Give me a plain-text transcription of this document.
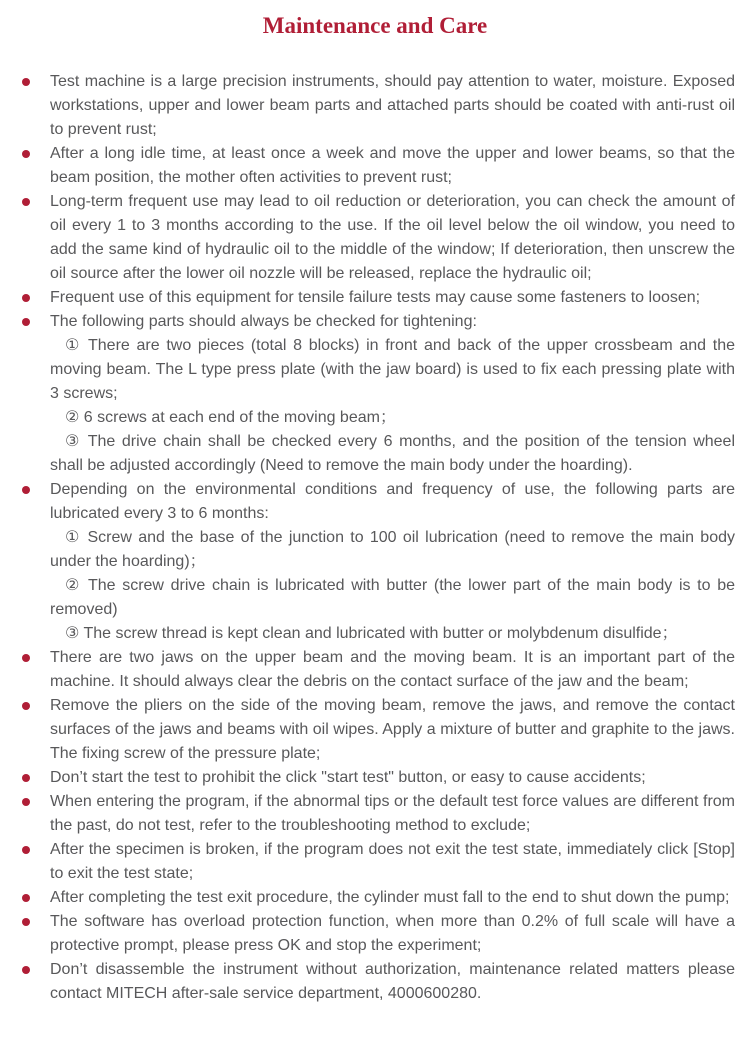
Maintenance and Care

Test machine is a large precision instruments, should pay attention to water, moisture. Exposed workstations, upper and lower beam parts and attached parts should be coated with anti-rust oil to prevent rust;

After a long idle time, at least once a week and move the upper and lower beams, so that the beam position, the mother often activities to prevent rust;

Long-term frequent use may lead to oil reduction or deterioration, you can check the amount of oil every 1 to 3 months according to the use. If the oil level below the oil window, you need to add the same kind of hydraulic oil to the middle of the window; If deterioration, then unscrew the oil source after the lower oil nozzle will be released, replace the hydraulic oil;

Frequent use of this equipment for tensile failure tests may cause some fasteners to loosen;

The following parts should always be checked for tightening:

① There are two pieces (total 8 blocks) in front and back of the upper crossbeam and the moving beam. The L type press plate (with the jaw board) is used to fix each pressing plate with 3 screws;

② 6 screws at each end of the moving beam；

③ The drive chain shall be checked every 6 months, and the position of the tension wheel shall be adjusted accordingly (Need to remove the main body under the hoarding).

Depending on the environmental conditions and frequency of use, the following parts are lubricated every 3 to 6 months:

① Screw and the base of the junction to 100 oil lubrication (need to remove the main body under the hoarding)；

② The screw drive chain is lubricated with butter (the lower part of the main body is to be removed)

③ The screw thread is kept clean and lubricated with butter or molybdenum disulfide；

There are two jaws on the upper beam and the moving beam. It is an important part of the machine. It should always clear the debris on the contact surface of the jaw and the beam;

Remove the pliers on the side of the moving beam, remove the jaws, and remove the contact surfaces of the jaws and beams with oil wipes. Apply a mixture of butter and graphite to the jaws. The fixing screw of the pressure plate;

Don’t start the test to prohibit the click "start test" button, or easy to cause accidents;

When entering the program, if the abnormal tips or the default test force values are different from the past, do not test, refer to the troubleshooting method to exclude;

After the specimen is broken, if the program does not exit the test state, immediately click [Stop] to exit the test state;

After completing the test exit procedure, the cylinder must fall to the end to shut down the pump;

The software has overload protection function, when more than 0.2% of full scale will have a protective prompt, please press OK and stop the experiment;

Don’t disassemble the instrument without authorization, maintenance related matters please contact MITECH after-sale service department, 4000600280.
